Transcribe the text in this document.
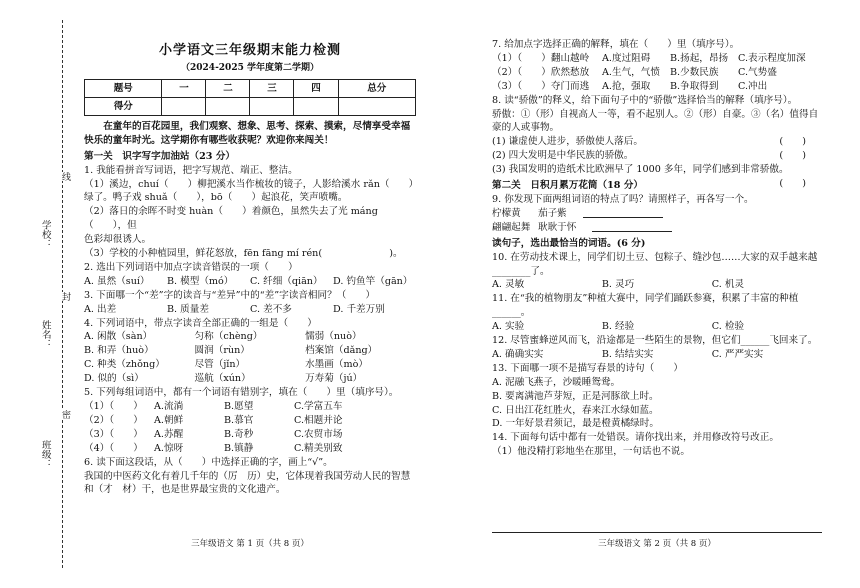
学校：
姓名：
班级：
线
封
密
小学语文三年级期末能力检测
（2024-2025 学年度第二学期）
题号	一	二	三	四	总分
得分					

在童年的百花园里，我们观察、想象、思考、探索、摸索，尽情享受幸福快乐的童年时光。这学期你有哪些收获呢？欢迎你来闯关！

第一关　识字写字加油站（23 分）

1. 我能看拼音写词语，把字写规范、端正、整洁。

（1）溪边，chuí（　　）柳把溪水当作梳妆的镜子，人影给溪水 rǎn（　　）

绿了。鸭子戏 shuǎ（　　），bō（　　）起浪花，笑声喷嘴。

（2）落日的余晖不时变 huàn（　　）着颜色，虽然失去了光 máng（　　），但

色彩却很诱人。

（3）学校的小种植园里，鲜花怒放，fēn fāng mí rén(　　　　　　　)。

2. 选出下列词语中加点字读音错误的一项（　　）

A. 虽然（suí）	B. 模型（mó）	C. 纤细（qiān）	D. 钓鱼竿（gān）

3. 下面哪一个“差”字的读音与“差异”中的“差”字读音相同？（　　）

A. 出差	B. 质量差	C. 差不多	D. 千差万别

4. 下列词语中，带点字读音全部正确的一组是（　　）

A. 闲散（sàn）	匀称（chèng）	懦弱（nuò）
B. 和弄（huò）	圆润（rùn）	档案馆（dǎng）
C. 种类（zhǒng）	尽管（jǐn）	水墨画（mò）
D. 似的（sì）	巡航（xún）	万寿菊（jú）

5. 下列每组词语中，都有一个词语有错别字，填在（　　）里（填序号）。

（1）（　　）	A.流淌	B.愿望	C.学富五车
（2）（　　）	A.朝鲜	B.慕官	C.相题并论
（3）（　　）	A.苏醒	B.奇秒	C.农贸市场
（4）（　　）	A.惊呀	B.镇静	C.精美别致

6. 读下面这段话，从（　　）中选择正确的字，画上“√”。

我国的中医药文化有着几千年的（厉　历）史，它体现着我国劳动人民的智慧

和（才　材）干，也是世界最宝贵的文化遗产。

三年级语文 第 1 页（共 8 页）

7. 给加点字选择正确的解释，填在（　　）里（填序号）。

（1）（　　）翻山越岭	A.度过阻碍	B.扬起，昂扬	C.表示程度加深
（2）（　　）欣然愁放	A.生气，气愤	B.少数民族	C.气势盛
（3）（　　）夺门而逃	A.抢，强取	B.争取得到	C.冲出

8. 读“骄傲”的释义，给下面句子中的“骄傲”选择恰当的解释（填序号）。

骄傲：①（形）自视高人一等，看不起别人。②（形）自豪。③（名）值得自

豪的人或事物。

(1) 谦虚使人进步，骄傲使人落后。	(　　)

(2) 四大发明是中华民族的骄傲。	(　　)

(3) 我国发明的造纸术比欧洲早了 1000 多年，同学们感到非常骄傲。
(　　)

第二关　日积月累万花筒（18 分）

9. 你发现下面两组词语的特点了吗？请照样子，再各写一个。

柠檬黄	茄子紫
翩翩起舞 耿耿于怀

读句子，选出最恰当的词语。(6 分)

10. 在劳动技术课上，同学们切土豆、包粽子、缝沙包……大家的双手越来越

________了。

A. 灵敏	B. 灵巧	C. 机灵

11. 在“我的植物朋友”种植大赛中，同学们踊跃参赛，积累了丰富的种植______。

A. 实验	B. 经验	C. 检验

12. 尽管蜜蜂逆风而飞，沿途都是一些陌生的景物，但它们______飞回来了。

A. 确确实实	B. 结结实实	C. 严严实实

13. 下面哪一项不是描写春景的诗句（　　）

A. 泥融飞燕子，沙暖睡鸳鸯。

B. 要离满池芦芽短，正是河豚欲上时。

C. 日出江花红胜火，春来江水绿如蓝。

D. 一年好景君须记，最是橙黄橘绿时。

14. 下面每句话中都有一处错误。请你找出来，并用修改符号改正。

（1）他没精打彩地坐在那里，一句话也不说。

三年级语文 第 2 页（共 8 页）
